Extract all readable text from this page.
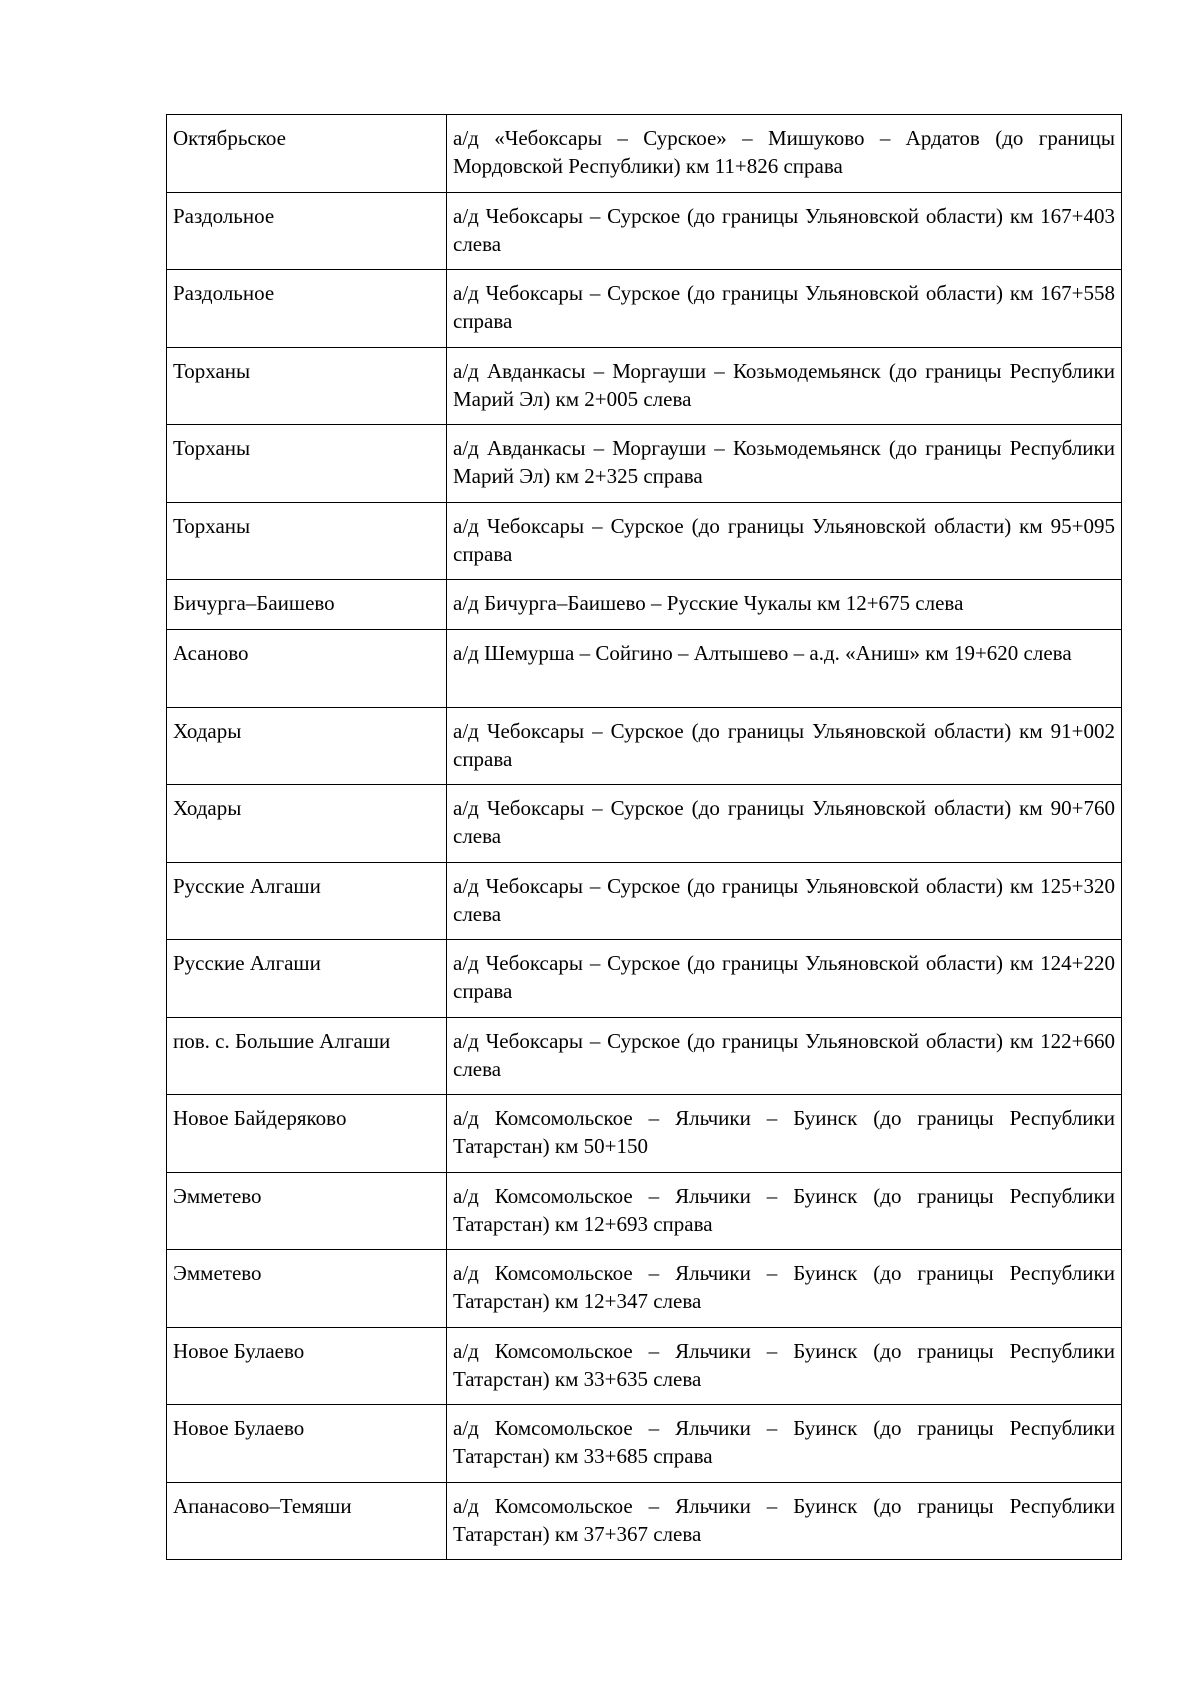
Октябрьское	а/д «Чебоксары – Сурское» – Мишуково – Ардатов (до границы Мордовской Республики) км 11+826 справа
Раздольное	а/д Чебоксары – Сурское (до границы Ульяновской области) км 167+403 слева
Раздольное	а/д Чебоксары – Сурское (до границы Ульяновской области) км 167+558 справа
Торханы	а/д Авданкасы – Моргауши – Козьмодемьянск (до границы Республики Марий Эл) км 2+005 слева
Торханы	а/д Авданкасы – Моргауши – Козьмодемьянск (до границы Республики Марий Эл) км 2+325 справа
Торханы	а/д Чебоксары – Сурское (до границы Ульяновской области) км 95+095 справа
Бичурга–Баишево	а/д Бичурга–Баишево – Русские Чукалы км 12+675 слева
Асаново	а/д Шемурша – Сойгино – Алтышево – а.д. «Аниш» км 19+620 слева
Ходары	а/д Чебоксары – Сурское (до границы Ульяновской области) км 91+002 справа
Ходары	а/д Чебоксары – Сурское (до границы Ульяновской области) км 90+760 слева
Русские Алгаши	а/д Чебоксары – Сурское (до границы Ульяновской области) км 125+320 слева
Русские Алгаши	а/д Чебоксары – Сурское (до границы Ульяновской области) км 124+220 справа
пов. с. Большие Алгаши	а/д Чебоксары – Сурское (до границы Ульяновской области) км 122+660 слева
Новое Байдеряково	а/д Комсомольское – Яльчики – Буинск (до границы Республики Татарстан) км 50+150
Эмметево	а/д Комсомольское – Яльчики – Буинск (до границы Республики Татарстан) км 12+693 справа
Эмметево	а/д Комсомольское – Яльчики – Буинск (до границы Республики Татарстан) км 12+347 слева
Новое Булаево	а/д Комсомольское – Яльчики – Буинск (до границы Республики Татарстан) км 33+635 слева
Новое Булаево	а/д Комсомольское – Яльчики – Буинск (до границы Республики Татарстан) км 33+685 справа
Апанасово–Темяши	а/д Комсомольское – Яльчики – Буинск (до границы Республики Татарстан) км 37+367 слева
